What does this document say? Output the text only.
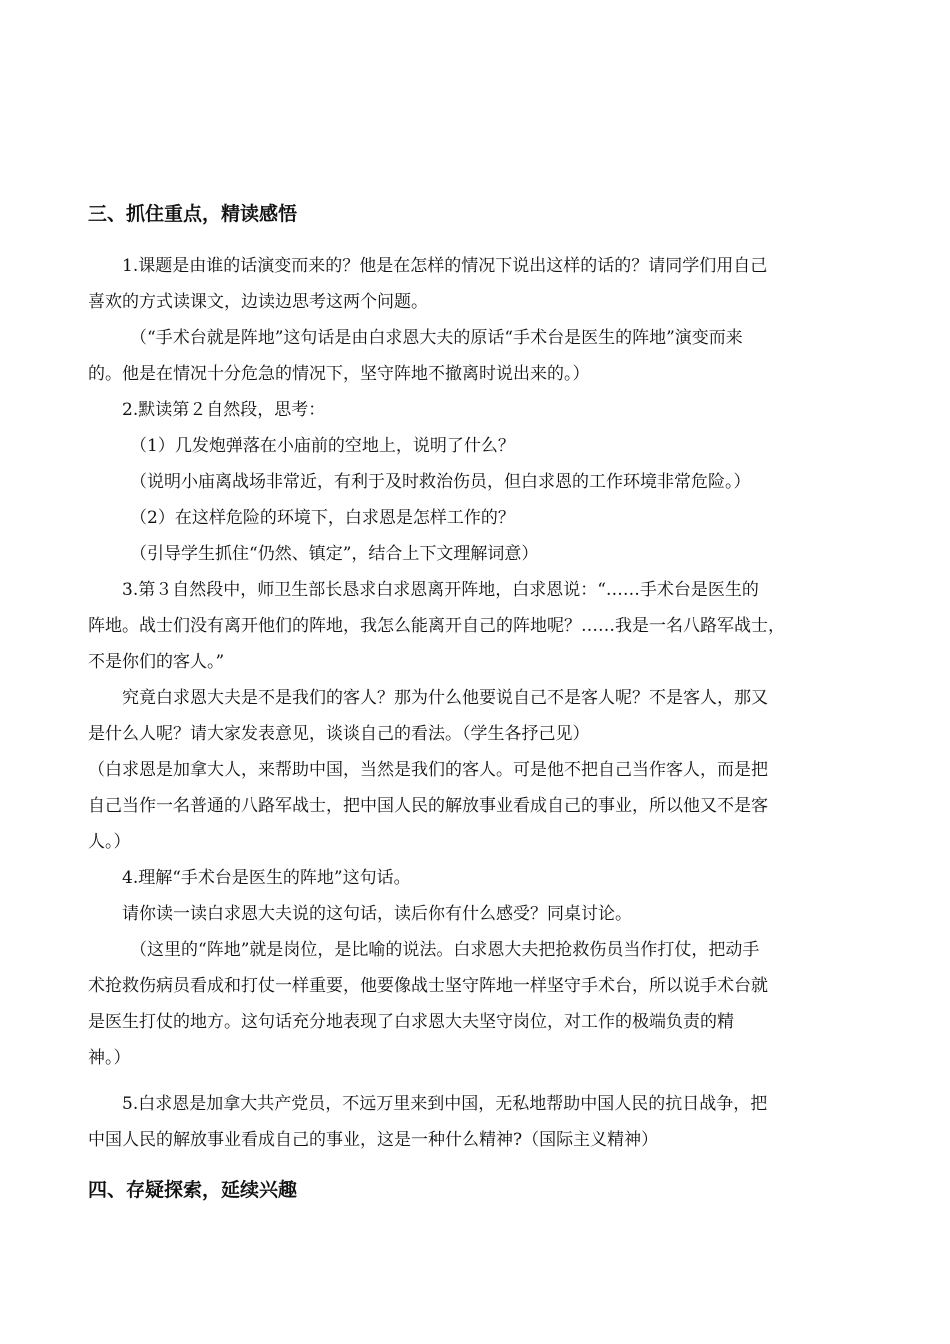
三、抓住重点，精读感悟
1.课题是由谁的话演变而来的？他是在怎样的情况下说出这样的话的？请同学们用自己
喜欢的方式读课文，边读边思考这两个问题。
（“手术台就是阵地”这句话是由白求恩大夫的原话“手术台是医生的阵地”演变而来
的。他是在情况十分危急的情况下，坚守阵地不撤离时说出来的。）
2.默读第２自然段，思考：
（1）几发炮弹落在小庙前的空地上，说明了什么？
（说明小庙离战场非常近，有利于及时救治伤员，但白求恩的工作环境非常危险。）
（2）在这样危险的环境下，白求恩是怎样工作的？
（引导学生抓住“仍然、镇定”，结合上下文理解词意）
3.第３自然段中，师卫生部长恳求白求恩离开阵地，白求恩说：“……手术台是医生的
阵地。战士们没有离开他们的阵地，我怎么能离开自己的阵地呢？……我是一名八路军战士，
不是你们的客人。”
究竟白求恩大夫是不是我们的客人？那为什么他要说自己不是客人呢？不是客人，那又
是什么人呢？请大家发表意见，谈谈自己的看法。（学生各抒己见）
（白求恩是加拿大人，来帮助中国，当然是我们的客人。可是他不把自己当作客人，而是把
自己当作一名普通的八路军战士，把中国人民的解放事业看成自己的事业，所以他又不是客
人。）
4.理解“手术台是医生的阵地”这句话。
请你读一读白求恩大夫说的这句话，读后你有什么感受？同桌讨论。
（这里的“阵地”就是岗位，是比喻的说法。白求恩大夫把抢救伤员当作打仗，把动手
术抢救伤病员看成和打仗一样重要，他要像战士坚守阵地一样坚守手术台，所以说手术台就
是医生打仗的地方。这句话充分地表现了白求恩大夫坚守岗位，对工作的极端负责的精
神。）
5.白求恩是加拿大共产党员，不远万里来到中国，无私地帮助中国人民的抗日战争，把
中国人民的解放事业看成自己的事业，这是一种什么精神?（国际主义精神）
四、存疑探索，延续兴趣
